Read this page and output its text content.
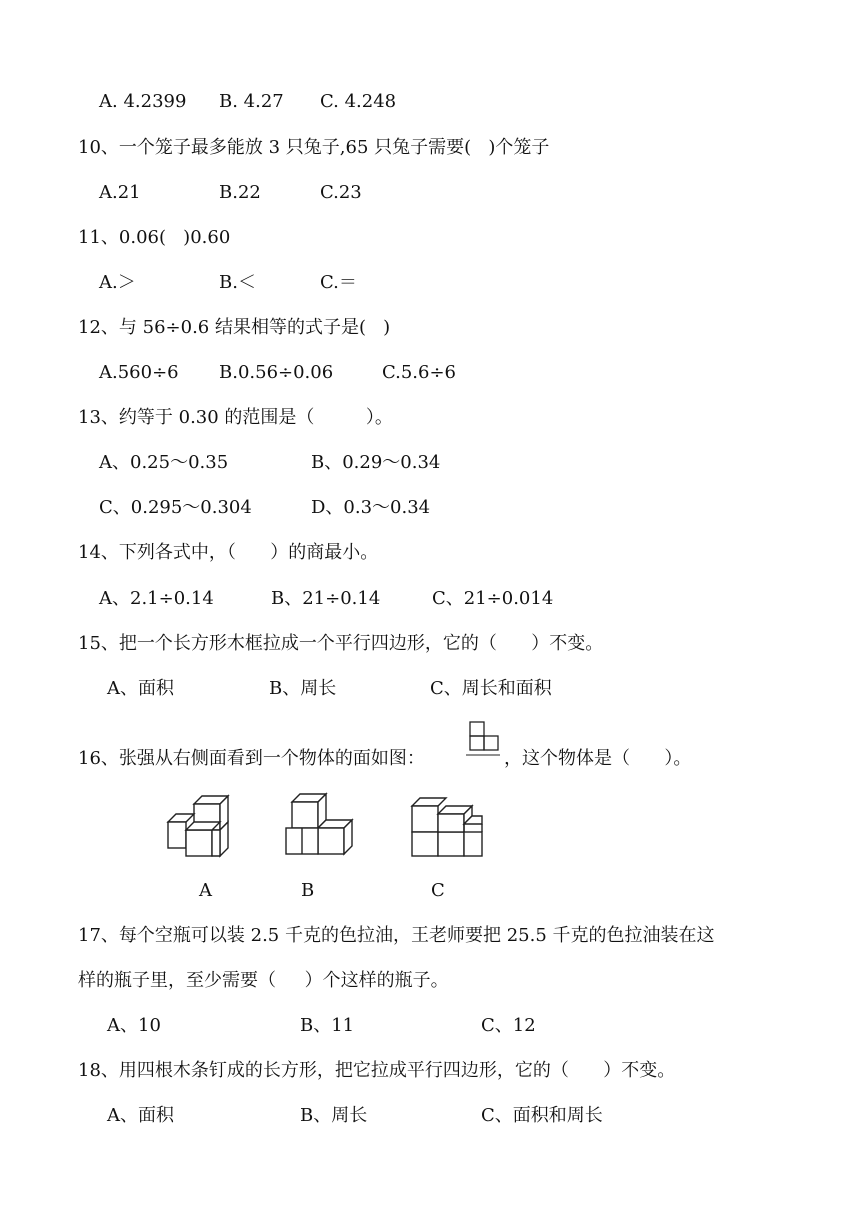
A. 4.2399 B. 4.27 C. 4.248
10、一个笼子最多能放 3 只兔子,65 只兔子需要(   )个笼子
A.21	B.22	C.23
11、0.06(   )0.60
A.＞	B.＜	C.＝
12、与 56÷0.6 结果相等的式子是(   )
A.560÷6 B.0.56÷0.06	C.5.6÷6
13、约等于 0.30 的范围是（         ）。
A、0.25～0.35	B、0.29～0.34
C、0.295～0.304	D、0.3～0.34
14、下列各式中，（      ）的商最小。
A、2.1÷0.14	B、21÷0.14	C、21÷0.014
15、把一个长方形木框拉成一个平行四边形，它的（      ）不变。
A、面积	B、周长	C、周长和面积
16、张强从右侧面看到一个物体的面如图：	，这个物体是（      ）。
A	B	C
17、每个空瓶可以装 2.5 千克的色拉油，王老师要把 25.5 千克的色拉油装在这
样的瓶子里，至少需要（     ）个这样的瓶子。
A、10	B、11	C、12
18、用四根木条钉成的长方形，把它拉成平行四边形，它的（      ）不变。
A、面积	B、周长	C、面积和周长
